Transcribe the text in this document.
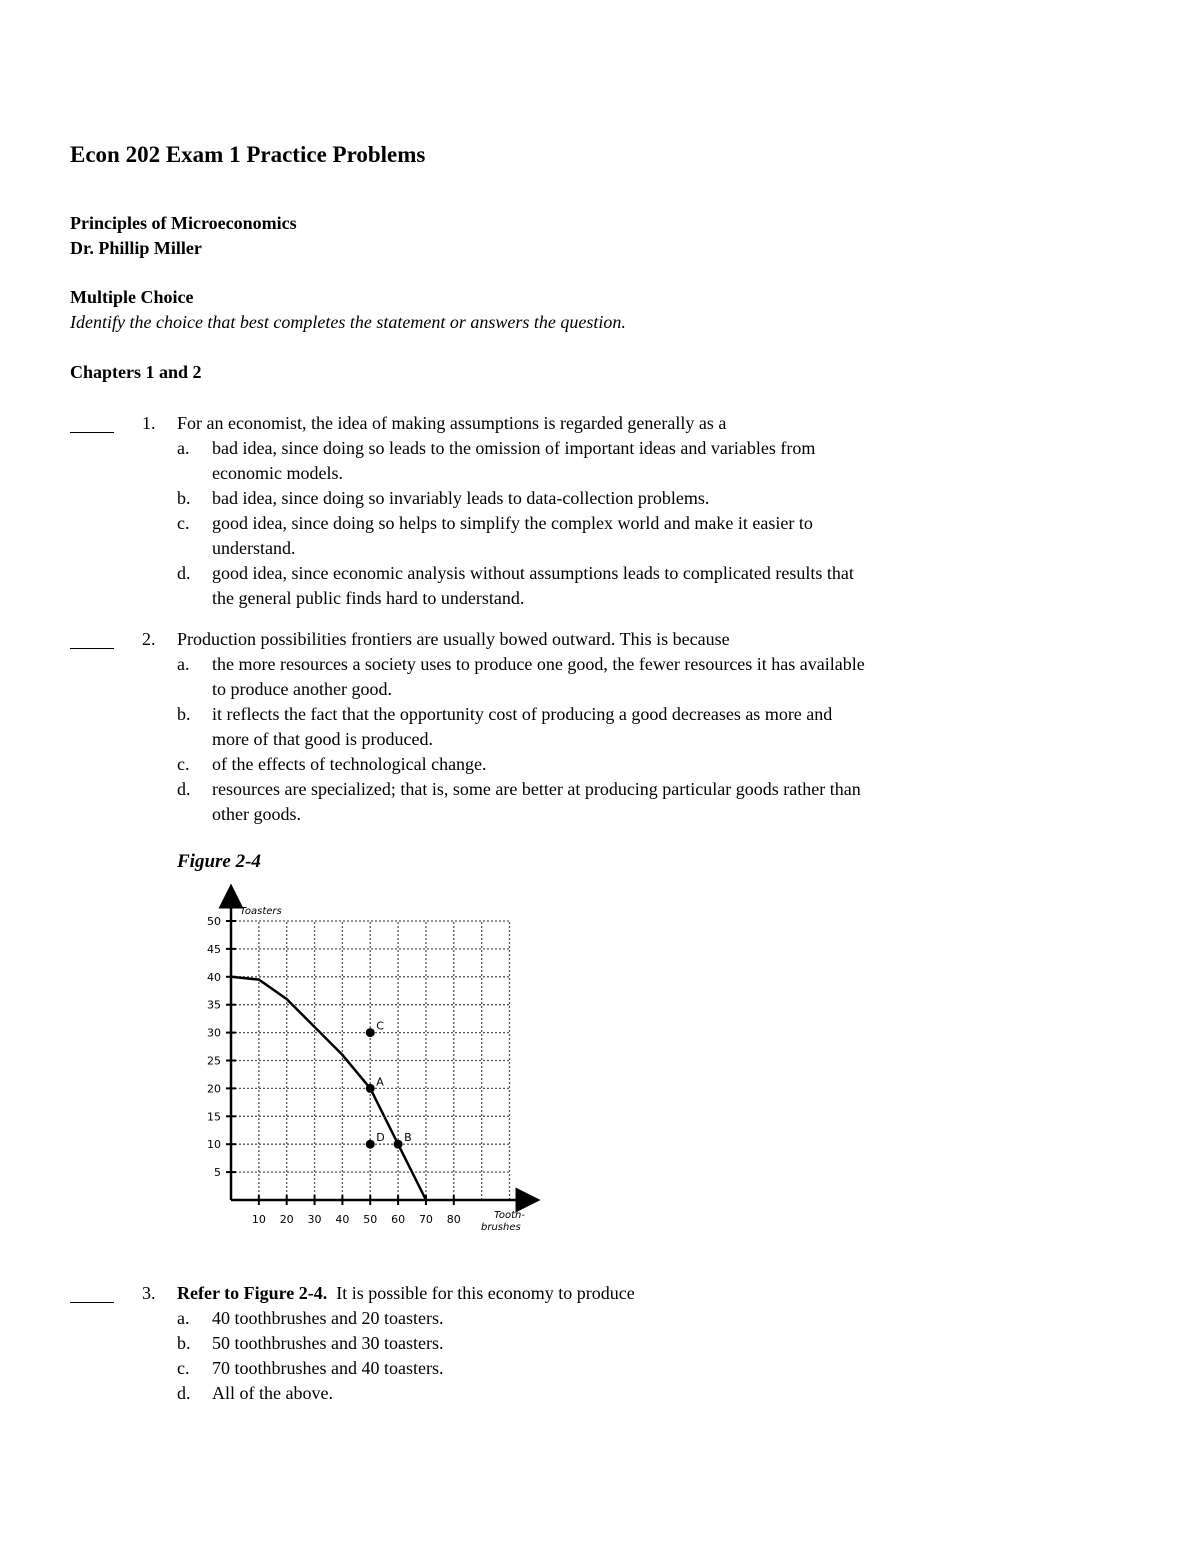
Econ 202 Exam 1 Practice Problems
Principles of Microeconomics
Dr. Phillip Miller
Multiple Choice
Identify the choice that best completes the statement or answers the question.
Chapters 1 and 2
1. For an economist, the idea of making assumptions is regarded generally as a
a. bad idea, since doing so leads to the omission of important ideas and variables from
economic models.
b. bad idea, since doing so invariably leads to data-collection problems.
c. good idea, since doing so helps to simplify the complex world and make it easier to
understand.
d. good idea, since economic analysis without assumptions leads to complicated results that
the general public finds hard to understand.
2. Production possibilities frontiers are usually bowed outward. This is because
a. the more resources a society uses to produce one good, the fewer resources it has available
to produce another good.
b. it reflects the fact that the opportunity cost of producing a good decreases as more and
more of that good is produced.
c. of the effects of technological change.
d. resources are specialized; that is, some are better at producing particular goods rather than
other goods.
Figure 2-4
10 20 30 40 50 60 70 80
5
10
15
20
25
30
35
40
45
50
A
B
C
D
Toasters
Tooth-
brushes
3. Refer to Figure 2-4. It is possible for this economy to produce
a. 40 toothbrushes and 20 toasters.
b. 50 toothbrushes and 30 toasters.
c. 70 toothbrushes and 40 toasters.
d. All of the above.
